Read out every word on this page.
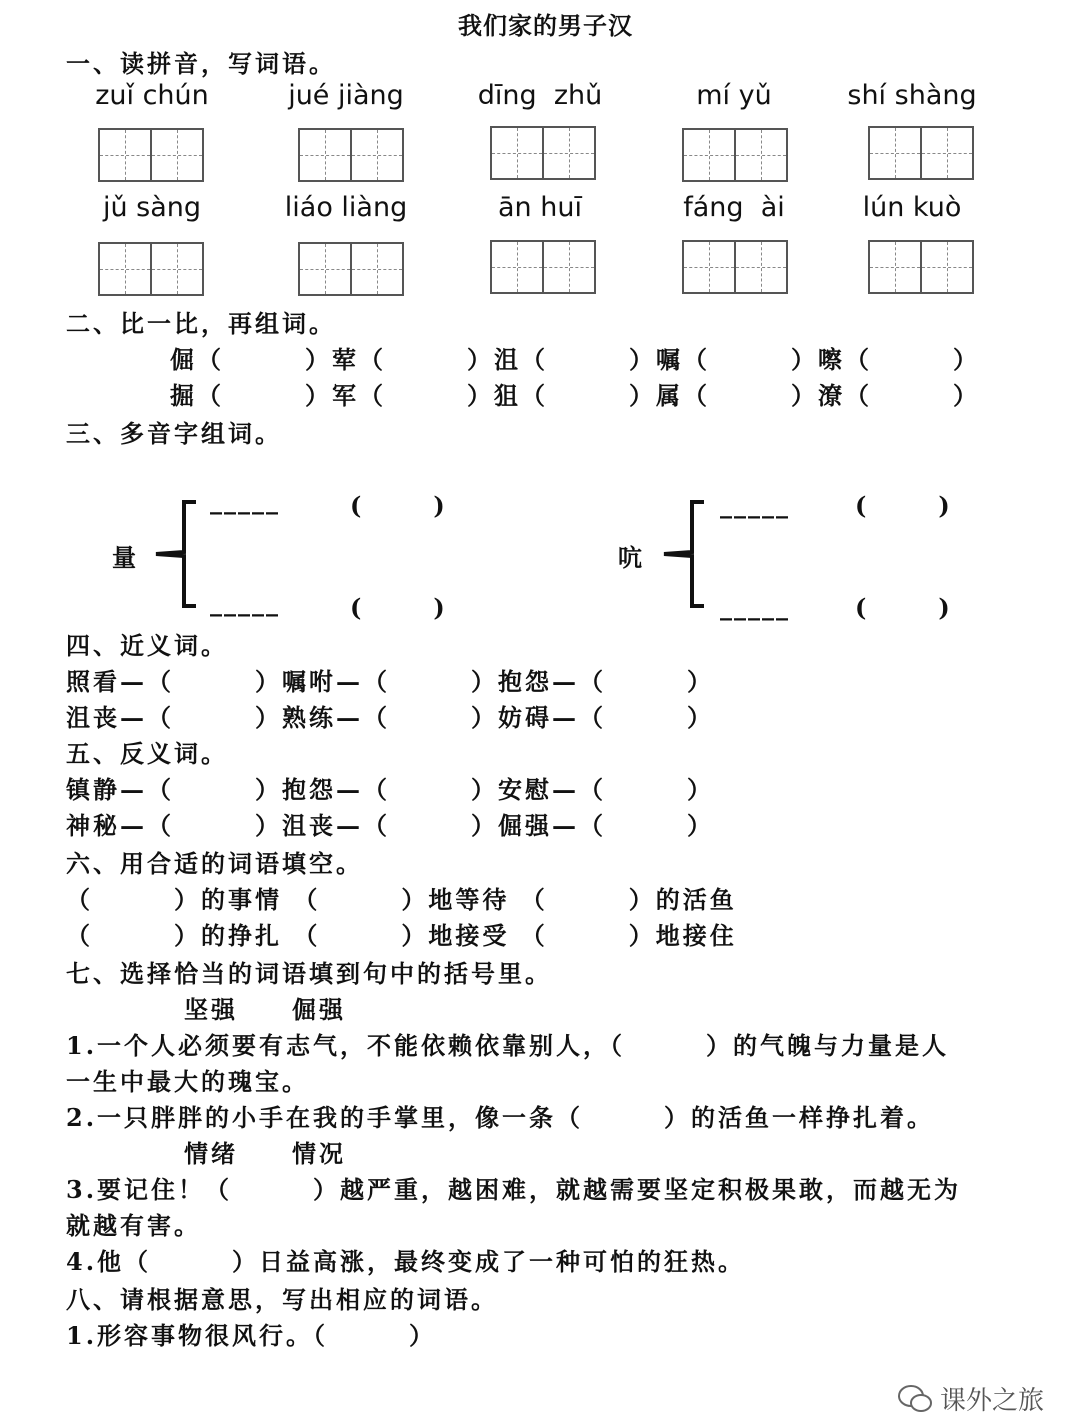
我们家的男子汉
一、读拼音，写词语。
zuǐ chún	jué jiàng	dīng  zhǔ	mí yǔ	shí shàng
jǔ sàng	liáo liàng	ān huī	fáng  ài	lún kuò
二、比一比，再组词。
倔（　　　）荤（　　　）沮（　　　）嘱（　　　）嚓（　　　）
掘（　　　）军（　　　）狙（　　　）属（　　　）潦（　　　）
三、多音字组词。
量
_____	(　　　)
_____	(　　　)
吭
_____	(　　　)
_____	(　　　)
四、近义词。
照看—（　　　）嘱咐—（　　　）抱怨—（　　　）
沮丧—（　　　）熟练—（　　　）妨碍—（　　　）
五、反义词。
镇静—（　　　）抱怨—（　　　）安慰—（　　　）
神秘—（　　　）沮丧—（　　　）倔强—（　　　）
六、用合适的词语填空。
（　　　）的事情 （　　　）地等待 （　　　）的活鱼
（　　　）的挣扎 （　　　）地接受 （　　　）地接住
七、选择恰当的词语填到句中的括号里。
坚强　　倔强
1.一个人必须要有志气，不能依赖依靠别人，（　　　）的气魄与力量是人
一生中最大的瑰宝。
2.一只胖胖的小手在我的手掌里，像一条（　　　）的活鱼一样挣扎着。
情绪　　情况
3.要记住！（　　　）越严重，越困难，就越需要坚定积极果敢，而越无为
就越有害。
4.他（　　　）日益高涨，最终变成了一种可怕的狂热。
八、请根据意思，写出相应的词语。
1.形容事物很风行。（　　　）
课外之旅
